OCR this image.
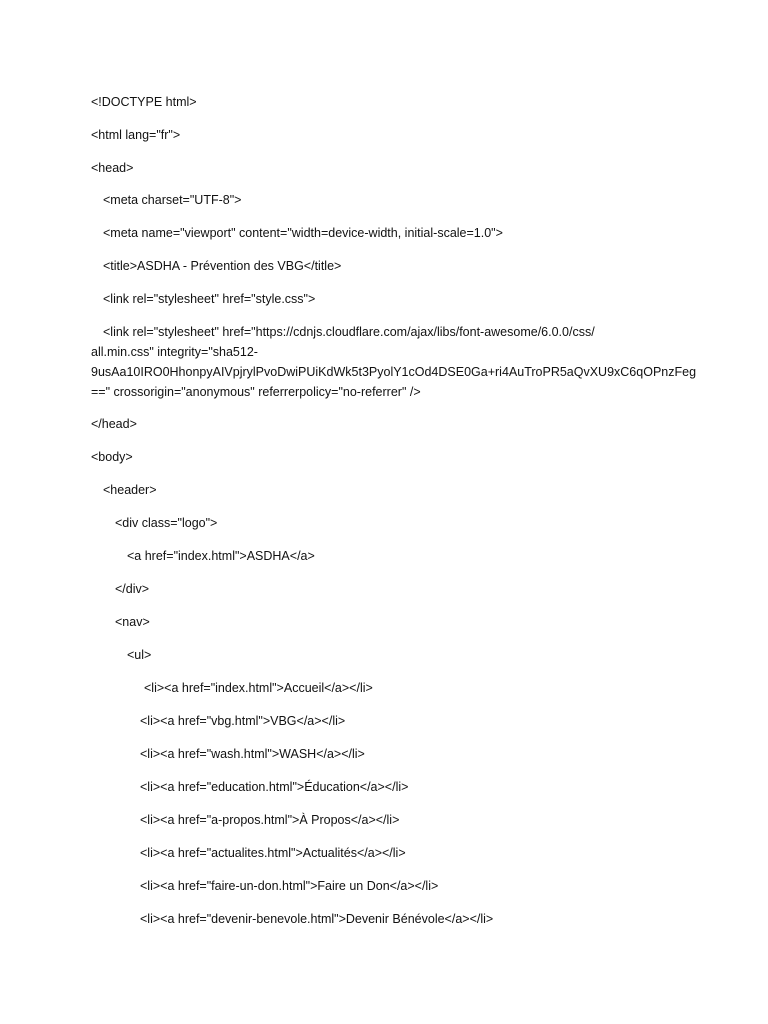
<!DOCTYPE html>
<html lang="fr">
<head>
<meta charset="UTF-8">
<meta name="viewport" content="width=device-width, initial-scale=1.0">
<title>ASDHA - Prévention des VBG</title>
<link rel="stylesheet" href="style.css">
<link rel="stylesheet" href="https://cdnjs.cloudflare.com/ajax/libs/font-awesome/6.0.0/css/
all.min.css" integrity="sha512-
9usAa10IRO0HhonpyAIVpjrylPvoDwiPUiKdWk5t3PyolY1cOd4DSE0Ga+ri4AuTroPR5aQvXU9xC6qOPnzFeg
==" crossorigin="anonymous" referrerpolicy="no-referrer" />
</head>
<body>
<header>
<div class="logo">
<a href="index.html">ASDHA</a>
</div>
<nav>
<ul>
<li><a href="index.html">Accueil</a></li>
<li><a href="vbg.html">VBG</a></li>
<li><a href="wash.html">WASH</a></li>
<li><a href="education.html">Éducation</a></li>
<li><a href="a-propos.html">À Propos</a></li>
<li><a href="actualites.html">Actualités</a></li>
<li><a href="faire-un-don.html">Faire un Don</a></li>
<li><a href="devenir-benevole.html">Devenir Bénévole</a></li>
